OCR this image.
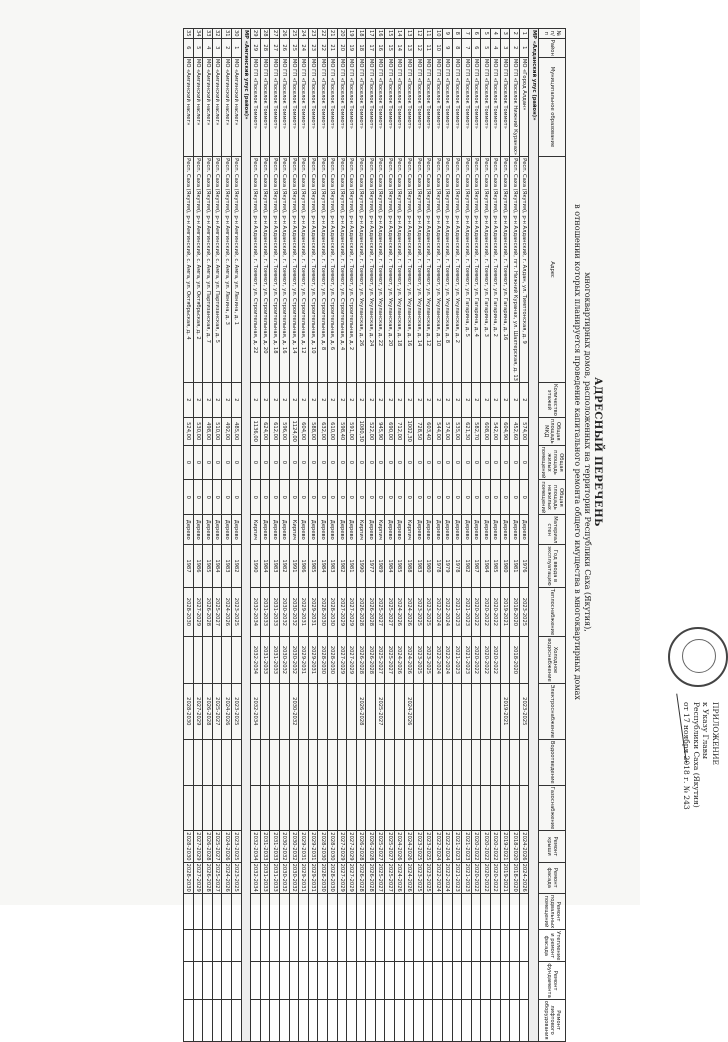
ПРИЛОЖЕНИЕ
к Указу Главы
Республики Саха (Якутия)
от 17 ноября 2018 г. № 243
АДРЕСНЫЙ ПЕРЕЧЕНЬ
многоквартирных домов, расположенных на территории Республики Саха (Якутия),
в отношении которых планируется проведение капитального ремонта общего имущества в многоквартирных домах
№ п/п	Район	Муниципальное образование	Адрес	Количество этажей	Общая площадь МКД	Общая площадь жилых помещений	Общая площадь нежилых помещений	Материал стен	Год ввода в эксплуатацию	Теплоснабжение	Холодное водоснабжение	Электроснабжение	Водоотведение	Газоснабжение	Ремонт крыши	Ремонт фасада	Ремонт подвальных помещений	Утепление и ремонт фасада	Ремонт фундамента	Ремонт лифтового оборудования
МР «Алданский улус (район)»																				
1	1	МО «Город Алдан»	Респ. Саха (Якутия), р-н Алданский, г. Алдан, ул. Тимптонская, д. 9	2	574,00	0	0	Дерево	1976	2023-2025		2023-2025			2024-2026	2024-2026				
2	2	МО ГП «Поселок Нижний Куранах»	Респ. Саха (Якутия), р-н Алданский, пгт. Нижний Куранах, ул. Шахтерская, д. 13	2	452,60	0	0	Дерево	1981	2018-2020	2018-2020				2018-2020	2018-2020				
3	3	МО ГП «Поселок Томмот»	Респ. Саха (Якутия), р-н Алданский, г. Томмот, ул. Гагарина, д. 16	2	604,90	0	0	Дерево	1980	2019-2021		2019-2021			2019-2021	2019-2021				
4	4	МО ГП «Поселок Томмот»	Респ. Саха (Якутия), р-н Алданский, г. Томмот, ул. Гагарина, д. 2	2	542,00	0	0	Дерево	1985	2020-2022	2020-2022				2020-2022	2020-2022				
5	5	МО ГП «Поселок Томмот»	Респ. Саха (Якутия), р-н Алданский, г. Томмот, ул. Гагарина, д. 3	2	608,00	0	0	Дерево	1984	2020-2022	2020-2022				2020-2022	2020-2022				
6	6	МО ГП «Поселок Томмот»	Респ. Саха (Якутия), р-н Алданский, г. Томмот, ул. Гагарина, д. 4	2	582,70	0	0	Дерево	1987	2020-2022	2020-2022				2020-2022	2020-2022				
7	7	МО ГП «Поселок Томмот»	Респ. Саха (Якутия), р-н Алданский, г. Томмот, ул. Гагарина, д. 5	2	621,30	0	0	Дерево	1982	2021-2023	2021-2023				2021-2023	2021-2023				
8	8	МО ГП «Поселок Томмот»	Респ. Саха (Якутия), р-н Алданский, г. Томмот, ул. Укуланская, д. 2	2	535,00	0	0	Дерево	1978	2021-2023	2021-2023				2021-2023	2021-2023				
9	9	МО ГП «Поселок Томмот»	Респ. Саха (Якутия), р-н Алданский, г. Томмот, ул. Укуланская, д. 8	2	574,00	0	0	Дерево	1979	2022-2024	2022-2024				2022-2024	2022-2024				
10	10	МО ГП «Поселок Томмот»	Респ. Саха (Якутия), р-н Алданский, г. Томмот, ул. Укуланская, д. 10	2	544,00	0	0	Дерево	1978	2022-2024	2022-2024				2022-2024	2022-2024				
11	11	МО ГП «Поселок Томмот»	Респ. Саха (Якутия), р-н Алданский, г. Томмот, ул. Укуланская, д. 12	2	603,40	0	0	Дерево	1980	2023-2025	2023-2025				2023-2025	2023-2025				
12	12	МО ГП «Поселок Томмот»	Респ. Саха (Якутия), р-н Алданский, г. Томмот, ул. Укуланская, д. 14	2	728,50	0	0	Дерево	1983	2023-2025	2023-2025				2023-2025	2023-2025				
13	13	МО ГП «Поселок Томмот»	Респ. Саха (Якутия), р-н Алданский, г. Томмот, ул. Укуланская, д. 16	2	1002,30	0	0	Кирпич	1988	2024-2026	2024-2026	2024-2026			2024-2026	2024-2026				
14	14	МО ГП «Поселок Томмот»	Респ. Саха (Якутия), р-н Алданский, г. Томмот, ул. Укуланская, д. 18	2	712,00	0	0	Дерево	1985	2024-2026	2024-2026				2024-2026	2024-2026				
15	15	МО ГП «Поселок Томмот»	Респ. Саха (Якутия), р-н Алданский, г. Томмот, ул. Укуланская, д. 20	2	690,00	0	0	Дерево	1984	2025-2027	2025-2027				2025-2027	2025-2027				
16	16	МО ГП «Поселок Томмот»	Респ. Саха (Якутия), р-н Алданский, г. Томмот, ул. Укуланская, д. 22	2	945,90	0	0	Кирпич	1989	2025-2027	2025-2027	2025-2027			2025-2027	2025-2027				
17	17	МО ГП «Поселок Томмот»	Респ. Саха (Якутия), р-н Алданский, г. Томмот, ул. Укуланская, д. 24	2	522,00	0	0	Дерево	1977	2026-2028	2026-2028				2026-2028	2026-2028				
18	18	МО ГП «Поселок Томмот»	Респ. Саха (Якутия), р-н Алданский, г. Томмот, ул. Укуланская, д. 26	2	1080,30	0	0	Кирпич	1990	2026-2028	2026-2028	2026-2028			2026-2028	2026-2028				
19	19	МО ГП «Поселок Томмот»	Респ. Саха (Якутия), р-н Алданский, г. Томмот, ул. Строительная, д. 2	2	591,00	0	0	Дерево	1981	2027-2029	2027-2029				2027-2029	2027-2029				
20	20	МО ГП «Поселок Томмот»	Респ. Саха (Якутия), р-н Алданский, г. Томмот, ул. Строительная, д. 4	2	598,40	0	0	Дерево	1982	2027-2029	2027-2029				2027-2029	2027-2029				
21	21	МО ГП «Поселок Томмот»	Респ. Саха (Якутия), р-н Алданский, г. Томмот, ул. Строительная, д. 6	2	610,00	0	0	Дерево	1983	2028-2030	2028-2030				2028-2030	2028-2030				
22	22	МО ГП «Поселок Томмот»	Респ. Саха (Якутия), р-н Алданский, г. Томмот, ул. Строительная, д. 8	2	632,00	0	0	Дерево	1984	2028-2030	2028-2030				2028-2030	2028-2030				
23	23	МО ГП «Поселок Томмот»	Респ. Саха (Якутия), р-н Алданский, г. Томмот, ул. Строительная, д. 10	2	588,00	0	0	Дерево	1985	2029-2031	2029-2031				2029-2031	2029-2031				
24	24	МО ГП «Поселок Томмот»	Респ. Саха (Якутия), р-н Алданский, г. Томмот, ул. Строительная, д. 12	2	604,00	0	0	Дерево	1986	2029-2031	2029-2031				2029-2031	2029-2031				
25	25	МО ГП «Поселок Томмот»	Респ. Саха (Якутия), р-н Алданский, г. Томмот, ул. Строительная, д. 14	2	1124,00	0	0	Кирпич	1991	2030-2032	2030-2032	2030-2032			2030-2032	2030-2032				
26	26	МО ГП «Поселок Томмот»	Респ. Саха (Якутия), р-н Алданский, г. Томмот, ул. Строительная, д. 16	2	596,00	0	0	Дерево	1982	2030-2032	2030-2032				2030-2032	2030-2032				
27	27	МО ГП «Поселок Томмот»	Респ. Саха (Якутия), р-н Алданский, г. Томмот, ул. Строительная, д. 18	2	612,00	0	0	Дерево	1983	2031-2033	2031-2033				2031-2033	2031-2033				
28	28	МО ГП «Поселок Томмот»	Респ. Саха (Якутия), р-н Алданский, г. Томмот, ул. Строительная, д. 20	2	624,00	0	0	Дерево	1984	2031-2033	2031-2033				2031-2033	2031-2033				
29	29	МО ГП «Поселок Томмот»	Респ. Саха (Якутия), р-н Алданский, г. Томмот, ул. Строительная, д. 22	2	1136,00	0	0	Кирпич	1990	2032-2034	2032-2034	2032-2034			2032-2034	2032-2034				
МР «Амгинский улус (район)»																				
30	1	МО «Амгинский наслег»	Респ. Саха (Якутия), р-н Амгинский, с. Амга, ул. Ленина, д. 1	2	485,00	0	0	Дерево	1982	2023-2025		2023-2025			2023-2025	2023-2025				
31	2	МО «Амгинский наслег»	Респ. Саха (Якутия), р-н Амгинский, с. Амга, ул. Ленина, д. 3	2	492,00	0	0	Дерево	1983	2024-2026		2024-2026			2024-2026	2024-2026				
32	3	МО «Амгинский наслег»	Респ. Саха (Якутия), р-н Амгинский, с. Амга, ул. Партизанская, д. 5	2	510,00	0	0	Дерево	1984	2025-2027		2025-2027			2025-2027	2025-2027				
33	4	МО «Амгинский наслег»	Респ. Саха (Якутия), р-н Амгинский, с. Амга, ул. Партизанская, д. 7	2	498,00	0	0	Дерево	1985	2026-2028		2026-2028			2026-2028	2026-2028				
34	5	МО «Амгинский наслег»	Респ. Саха (Якутия), р-н Амгинский, с. Амга, ул. Октябрьская, д. 2	2	530,00	0	0	Дерево	1986	2027-2029		2027-2029			2027-2029	2027-2029				
35	6	МО «Амгинский наслег»	Респ. Саха (Якутия), р-н Амгинский, с. Амга, ул. Октябрьская, д. 4	2	524,00	0	0	Дерево	1987	2028-2030		2028-2030			2028-2030	2028-2030				
